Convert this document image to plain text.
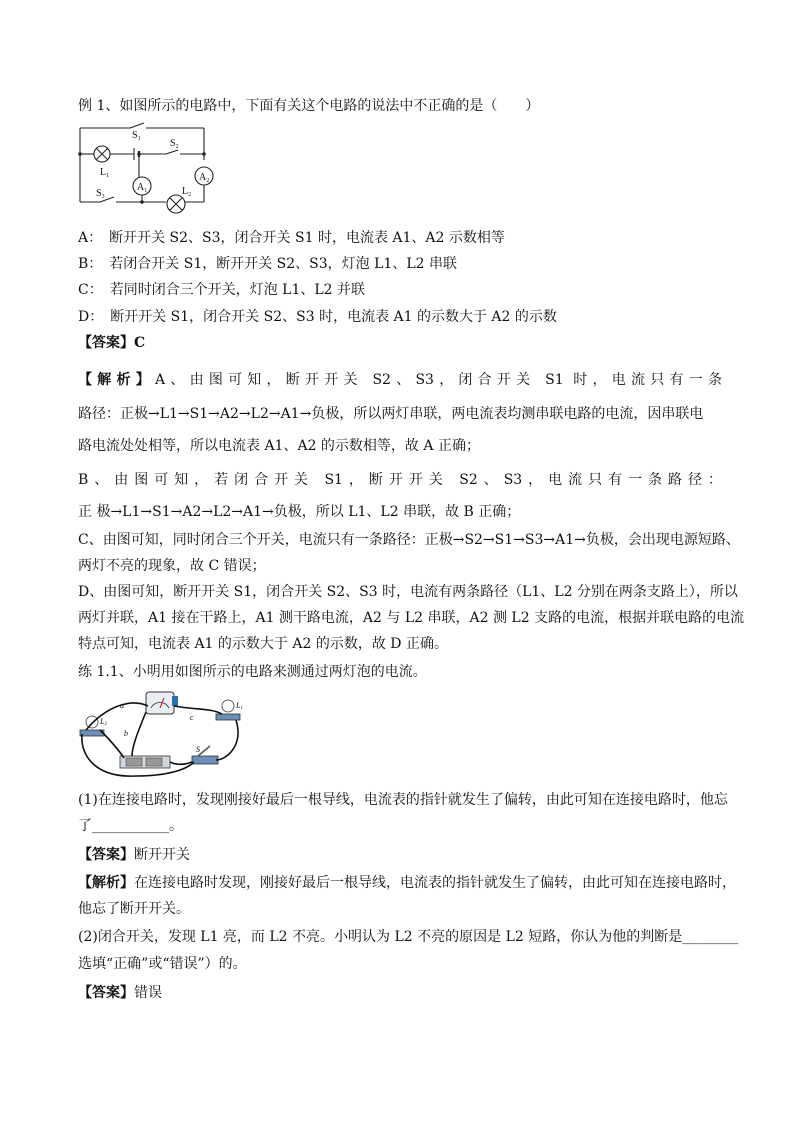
例 1、如图所示的电路中，下面有关这个电路的说法中不正确的是（　　）
$S_1$	$S_2$
$L_1$
$A_1$
$A_2$
$L_2$
$S_3$
A：　断开开关 S2、S3，闭合开关 S1 时，电流表 A1、A2 示数相等
B：　若闭合开关 S1，断开开关 S2、S3，灯泡 L1、L2 串联
C：　若同时闭合三个开关，灯泡 L1、L2 并联
D：　断开开关 S1，闭合开关 S2、S3 时，电流表 A1 的示数大于 A2 的示数
【答案】C
【解析】A、由图可知，断开开关 S2、S3，闭合开关 S1 时，电流只有一条
路径：正极→L1→S1→A2→L2→A1→负极，所以两灯串联，两电流表均测串联电路的电流，因串联电
路电流处处相等，所以电流表 A1、A2 的示数相等，故 A 正确；
B、由图可知，若闭合开关 S1，断开开关 S2、S3，电流只有一条路径：
正 极→L1→S1→A2→L2→A1→负极，所以 L1、L2 串联，故 B 正确；
C、由图可知，同时闭合三个开关，电流只有一条路径：正极→S2→S1→S3→A1→负极，会出现电源短路、
两灯不亮的现象，故 C 错误；
D、由图可知，断开开关 S1，闭合开关 S2、S3 时，电流有两条路径（L1、L2 分别在两条支路上），所以
两灯并联，A1 接在干路上，A1 测干路电流，A2 与 L2 串联，A2 测 L2 支路的电流，根据并联电路的电流
特点可知，电流表 A1 的示数大于 A2 的示数，故 D 正确。
练 1.1、小明用如图所示的电路来测通过两灯泡的电流。
a
b
c
S
L2
L1
(1)在连接电路时，发现刚接好最后一根导线，电流表的指针就发生了偏转，由此可知在连接电路时，他忘
了___________。
【答案】断开开关
【解析】在连接电路时发现，刚接好最后一根导线，电流表的指针就发生了偏转，由此可知在连接电路时，
他忘了断开开关。
(2)闭合开关，发现 L1 亮，而 L2 不亮。小明认为 L2 不亮的原因是 L2 短路，你认为他的判断是________
选填“正确”或“错误”）的。
【答案】错误
